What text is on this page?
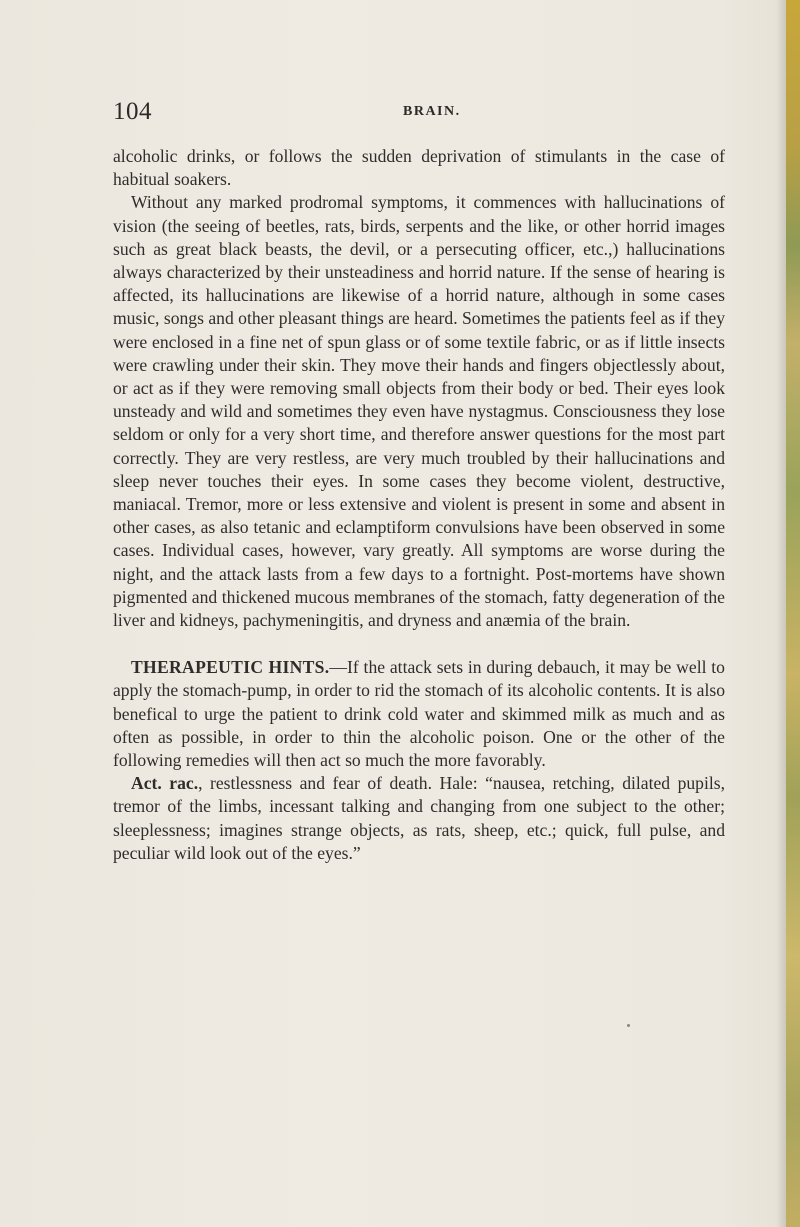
104	BRAIN.

alcoholic drinks, or follows the sudden deprivation of stimulants in the case of habitual soakers.

Without any marked prodromal symptoms, it commences with hallucinations of vision (the seeing of beetles, rats, birds, serpents and the like, or other horrid images such as great black beasts, the devil, or a persecuting officer, etc.,) hallucinations always characterized by their unsteadiness and horrid nature. If the sense of hearing is affected, its hallucinations are likewise of a horrid nature, although in some cases music, songs and other pleasant things are heard. Sometimes the patients feel as if they were enclosed in a fine net of spun glass or of some textile fabric, or as if little insects were crawling under their skin. They move their hands and fingers objectlessly about, or act as if they were removing small objects from their body or bed. Their eyes look unsteady and wild and sometimes they even have nystagmus. Consciousness they lose seldom or only for a very short time, and therefore answer questions for the most part correctly. They are very restless, are very much troubled by their hallucinations and sleep never touches their eyes. In some cases they become violent, destructive, maniacal. Tremor, more or less extensive and violent is present in some and absent in other cases, as also tetanic and eclamptiform convulsions have been observed in some cases. Individual cases, however, vary greatly. All symptoms are worse during the night, and the attack lasts from a few days to a fortnight. Post-mortems have shown pigmented and thickened mucous membranes of the stomach, fatty degeneration of the liver and kidneys, pachymeningitis, and dryness and anæmia of the brain.

THERAPEUTIC HINTS.—If the attack sets in during debauch, it may be well to apply the stomach-pump, in order to rid the stomach of its alcoholic contents. It is also benefical to urge the patient to drink cold water and skimmed milk as much and as often as possible, in order to thin the alcoholic poison. One or the other of the following remedies will then act so much the more favorably.

Act. rac., restlessness and fear of death. Hale: “nausea, retching, dilated pupils, tremor of the limbs, incessant talking and changing from one subject to the other; sleeplessness; imagines strange objects, as rats, sheep, etc.; quick, full pulse, and peculiar wild look out of the eyes.”
